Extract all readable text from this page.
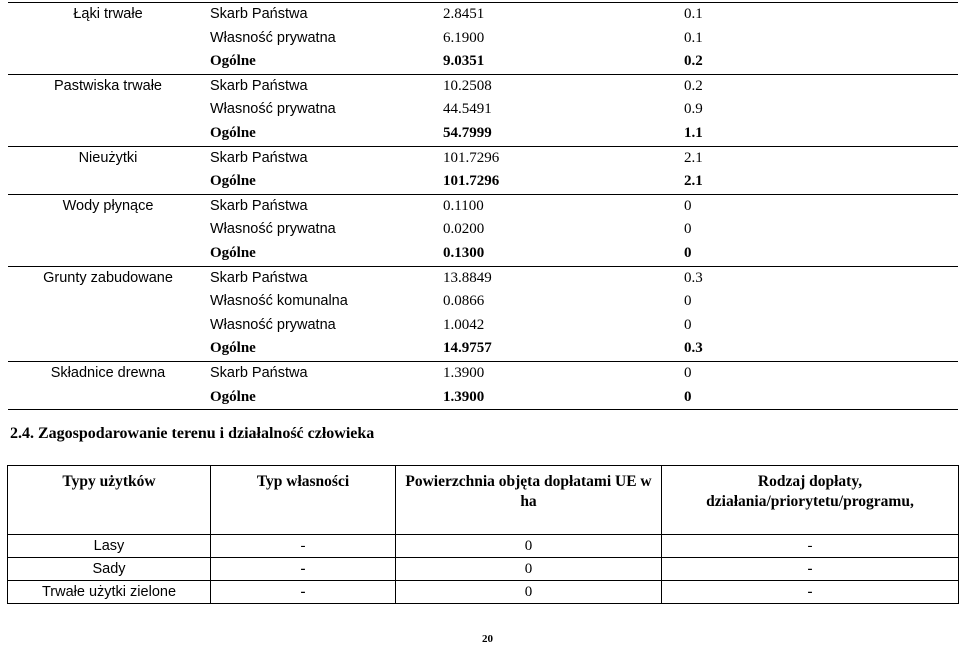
Łąki trwałe	Skarb Państwa	2.8451	0.1

	Własność prywatna	6.1900	0.1

	Ogólne	9.0351	0.2

Pastwiska trwałe	Skarb Państwa	10.2508	0.2

	Własność prywatna	44.5491	0.9

	Ogólne	54.7999	1.1

Nieużytki	Skarb Państwa	101.7296	2.1

	Ogólne	101.7296	2.1

Wody płynące	Skarb Państwa	0.1100	0

	Własność prywatna	0.0200	0

	Ogólne	0.1300	0

Grunty zabudowane	Skarb Państwa	13.8849	0.3

	Własność komunalna	0.0866	0

	Własność prywatna	1.0042	0

	Ogólne	14.9757	0.3

Składnice drewna	Skarb Państwa	1.3900	0

	Ogólne	1.3900	0
2.4. Zagospodarowanie terenu i działalność człowieka
Typy użytków	Typ własności	Powierzchnia objęta dopłatami UE w ha	Rodzaj dopłaty, działania/priorytetu/programu,
Lasy	-	0	-
Sady	-	0	-
Trwałe użytki zielone	-	0	-
20
